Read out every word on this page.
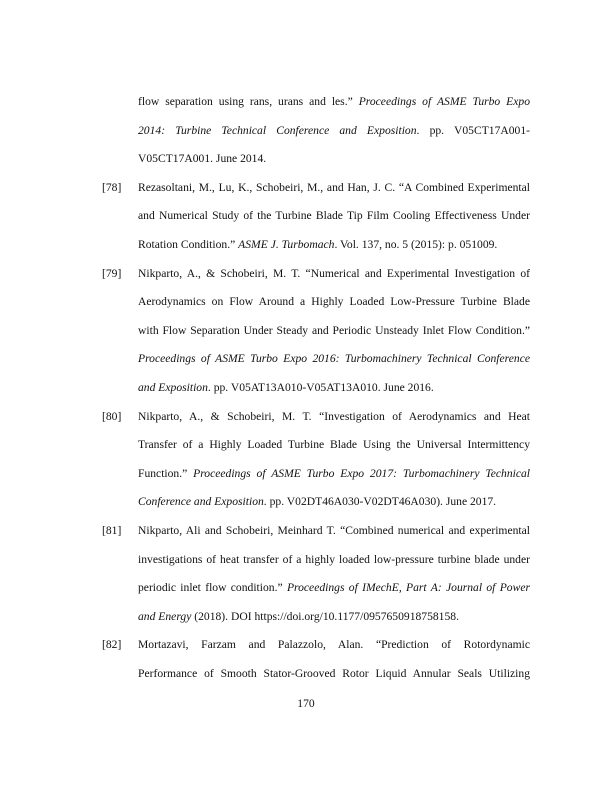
flow separation using rans, urans and les.” Proceedings of ASME Turbo Expo
2014: Turbine Technical Conference and Exposition. pp. V05CT17A001-
V05CT17A001. June 2014.
[78] Rezasoltani, M., Lu, K., Schobeiri, M., and Han, J. C. “A Combined Experimental
and Numerical Study of the Turbine Blade Tip Film Cooling Effectiveness Under
Rotation Condition.” ASME J. Turbomach. Vol. 137, no. 5 (2015): p. 051009.
[79] Nikparto, A., & Schobeiri, M. T. “Numerical and Experimental Investigation of
Aerodynamics on Flow Around a Highly Loaded Low-Pressure Turbine Blade
with Flow Separation Under Steady and Periodic Unsteady Inlet Flow Condition.”
Proceedings of ASME Turbo Expo 2016: Turbomachinery Technical Conference
and Exposition. pp. V05AT13A010-V05AT13A010. June 2016.
[80] Nikparto, A., & Schobeiri, M. T. “Investigation of Aerodynamics and Heat
Transfer of a Highly Loaded Turbine Blade Using the Universal Intermittency
Function.” Proceedings of ASME Turbo Expo 2017: Turbomachinery Technical
Conference and Exposition. pp. V02DT46A030-V02DT46A030). June 2017.
[81] Nikparto, Ali and Schobeiri, Meinhard T. “Combined numerical and experimental
investigations of heat transfer of a highly loaded low-pressure turbine blade under
periodic inlet flow condition.” Proceedings of IMechE, Part A: Journal of Power
and Energy (2018). DOI https://doi.org/10.1177/0957650918758158.
[82] Mortazavi, Farzam and Palazzolo, Alan. “Prediction of Rotordynamic
Performance of Smooth Stator-Grooved Rotor Liquid Annular Seals Utilizing
170
